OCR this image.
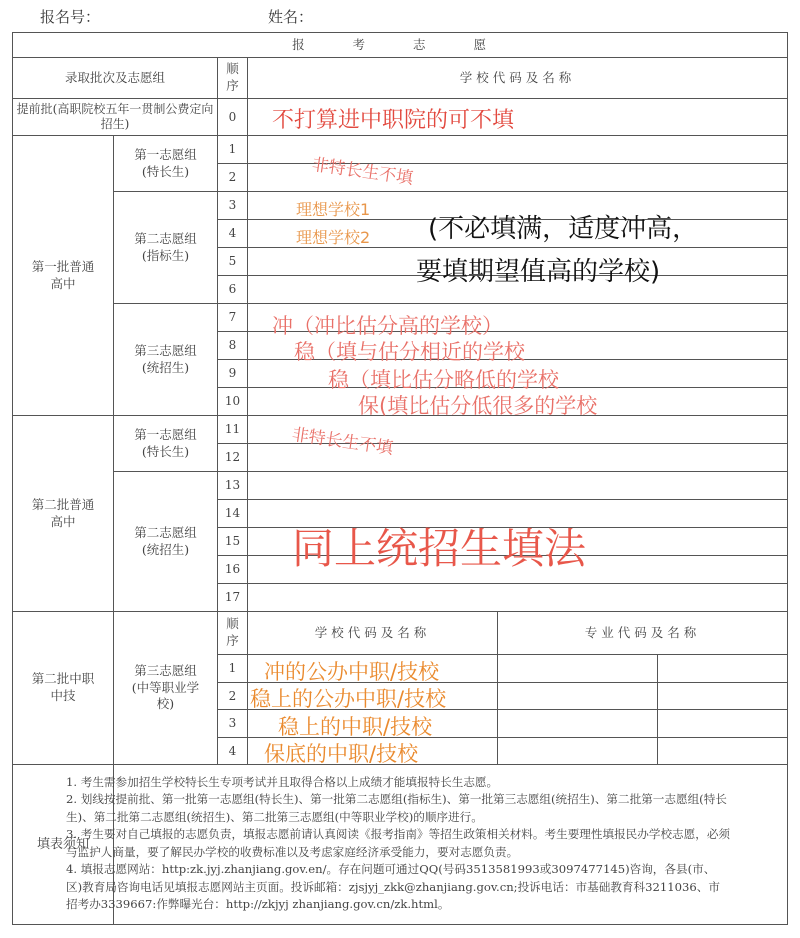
报名号：	姓名：
报 考 志 愿
录取批次及志愿组	顺序	学校代码及名称
提前批(高职院校五年一贯制公费定向招生)	0	
第一批普通高中	第一志愿组(特长生)	1	
2	
第二志愿组(指标生)	3	
4	
5	
6	
第三志愿组(统招生)	7	
8	
9	
10	
第二批普通高中	第一志愿组(特长生)	11	
12	
第二志愿组(统招生)	13	
14	
15	
16	
17	
第二批中职中技	第三志愿组(中等职业学校)	顺序	学校代码及名称	专业代码及名称
1			
2			
3			
4			
填表须知	1. 考生需参加招生学校特长生专项考试并且取得合格以上成绩才能填报特长生志愿。
2. 划线按提前批、第一批第一志愿组(特长生)、第一批第二志愿组(指标生)、第一批第三志愿组(统招生)、第二批第一志愿组(特长生)、第二批第二志愿组(统招生)、第二批第三志愿组(中等职业学校)的顺序进行。
3. 考生要对自己填报的志愿负责，填报志愿前请认真阅读《报考指南》等招生政策相关材料。考生要理性填报民办学校志愿，必须与监护人商量，要了解民办学校的收费标准以及考虑家庭经济承受能力，要对志愿负责。
4. 填报志愿网站：http:zk.jyj.zhanjiang.gov.en/。存在问题可通过QQ(号码3513581993或3097477145)咨询，各县(市、区)教育局咨询电话见填报志愿网站主页面。投诉邮箱：zjsjyj_zkk@zhanjiang.gov.cn;投诉电话：市基础教育科3211036、市招考办3339667:作弊曝光台：http://zkjyj zhanjiang.gov.cn/zk.html。
不打算进中职院的可不填
非特长生不填
理想学校1
理想学校2 (不必填满，适度冲高，
要填期望值高的学校)
冲（冲比估分高的学校）
稳（填与估分相近的学校
稳（填比估分略低的学校
保(填比估分低很多的学校
非特长生不填
同上统招生填法
冲的公办中职/技校
稳上的公办中职/技校
稳上的中职/技校
保底的中职/技校
